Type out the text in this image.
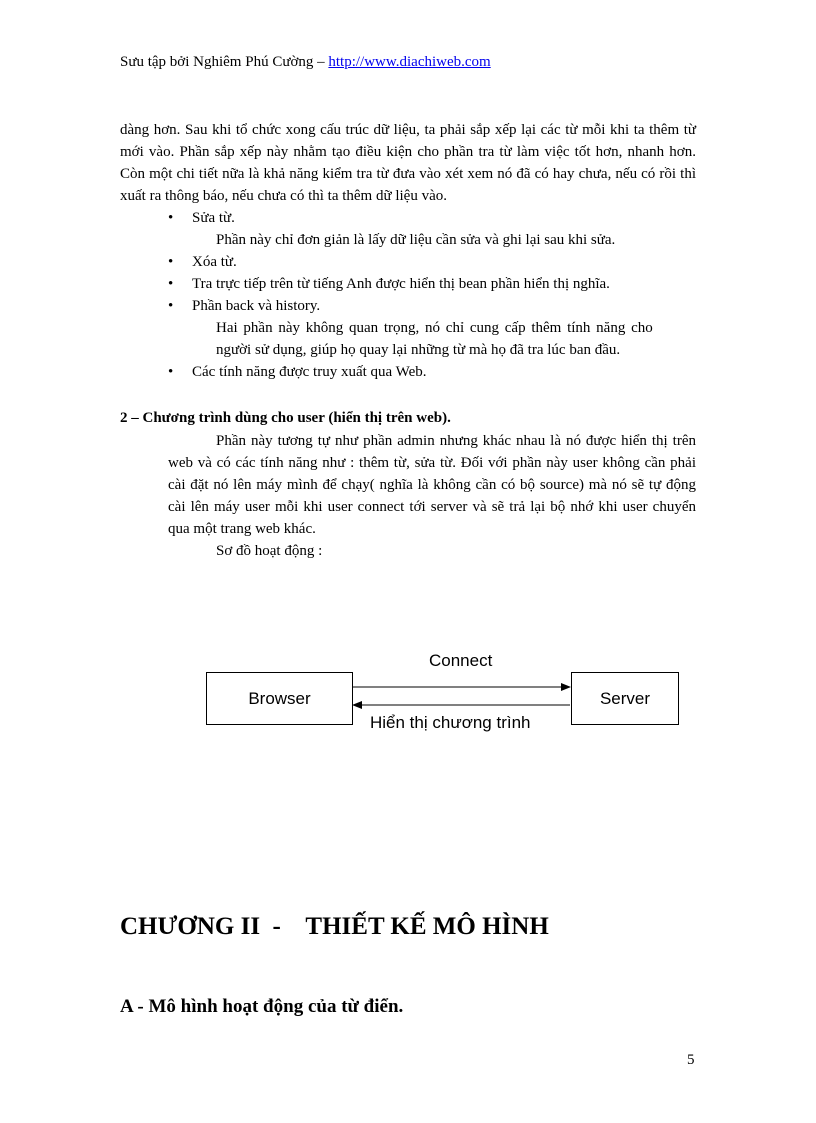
Sưu tập bởi Nghiêm Phú Cường – http://www.diachiweb.com
dàng hơn. Sau khi tổ chức xong cấu trúc dữ liệu, ta phải sắp xếp lại các từ mỗi khi ta thêm từ mới vào. Phần sắp xếp này nhằm tạo điều kiện cho phần tra từ làm việc tốt hơn, nhanh hơn. Còn một chi tiết nữa là khả năng kiểm tra từ đưa vào xét xem nó đã có hay chưa, nếu có rồi thì xuất ra thông báo, nếu chưa có thì ta thêm dữ liệu vào.
• Sửa từ.
Phần này chỉ đơn giản là lấy dữ liệu cần sửa và ghi lại sau khi sửa.
• Xóa từ.
• Tra trực tiếp trên từ tiếng Anh được hiển thị bean phần hiển thị nghĩa.
• Phần back và history.
Hai phần này không quan trọng, nó chỉ cung cấp thêm tính năng cho
người sử dụng, giúp họ quay lại những từ mà họ đã tra lúc ban đầu.
• Các tính năng được truy xuất qua Web.
2 – Chương trình dùng cho user (hiển thị trên web).
Phần này tương tự như phần admin nhưng khác nhau là nó được hiển thị trên web và có các tính năng như : thêm từ, sửa từ. Đối với phần này user không cần phải cài đặt nó lên máy mình để chạy( nghĩa là không cần có bộ source) mà nó sẽ tự động cài lên máy user mỗi khi user connect tới server và sẽ trả lại bộ nhớ khi user chuyển qua một trang web khác.
Sơ đồ hoạt động :
Connect
Browser	Server
Hiển thị chương trình
CHƯƠNG II  -    THIẾT KẾ MÔ HÌNH
A - Mô hình hoạt động của từ điển.
5
